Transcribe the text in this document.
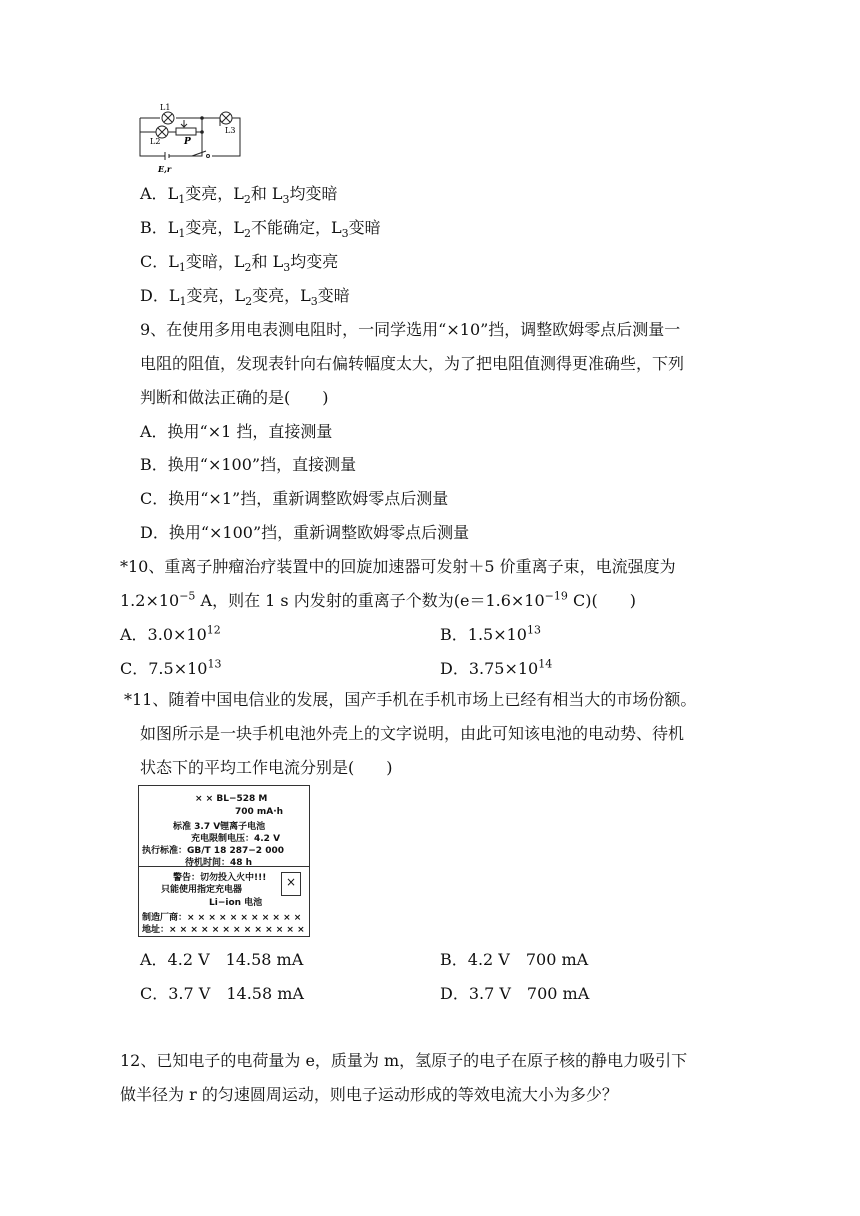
L1
L2
L3
P
E,r
A．$L_1$变亮，$L_2$和 $L_3$均变暗
B．$L_1$变亮，$L_2$不能确定，$L_3$变暗
C．$L_1$变暗，$L_2$和 $L_3$均变亮
D．$L_1$变亮，$L_2$变亮，$L_3$变暗
9、在使用多用电表测电阻时，一同学选用“×10”挡，调整欧姆零点后测量一
电阻的阻值，发现表针向右偏转幅度太大，为了把电阻值测得更准确些，下列
判断和做法正确的是(　　)
A．换用“×1 挡，直接测量
B．换用“×100”挡，直接测量
C．换用“×1”挡，重新调整欧姆零点后测量
D．换用“×100”挡，重新调整欧姆零点后测量
*10、重离子肿瘤治疗装置中的回旋加速器可发射＋5 价重离子束，电流强度为
$1.2\times 10^{-5}$ A，则在 1 s 内发射的重离子个数为($e=1.6\times 10^{-19}$ C)(　　)
A．$3.0\times 10^{12}$	B．$1.5\times 10^{13}$
C．$7.5\times 10^{13}$	D．$3.75\times 10^{14}$
*11、随着中国电信业的发展，国产手机在手机市场上已经有相当大的市场份额。
如图所示是一块手机电池外壳上的文字说明，由此可知该电池的电动势、待机
状态下的平均工作电流分别是(　　)
× × BL−528 M
700 mA·h
标准 3.7 V锂离子电池
充电限制电压：4.2 V
执行标准：GB/T 18 287−2 000
待机时间：48 h
警告：切勿投入火中!!!
只能使用指定充电器
Li−ion 电池
×
制造厂商：× × × × × × × × × × ×
地址：× × × × × × × × × × × × ×
A．4.2 V　14.58 mA	B．4.2 V　700 mA
C．3.7 V　14.58 mA	D．3.7 V　700 mA
12、已知电子的电荷量为 e，质量为 m，氢原子的电子在原子核的静电力吸引下
做半径为 r 的匀速圆周运动，则电子运动形成的等效电流大小为多少？
